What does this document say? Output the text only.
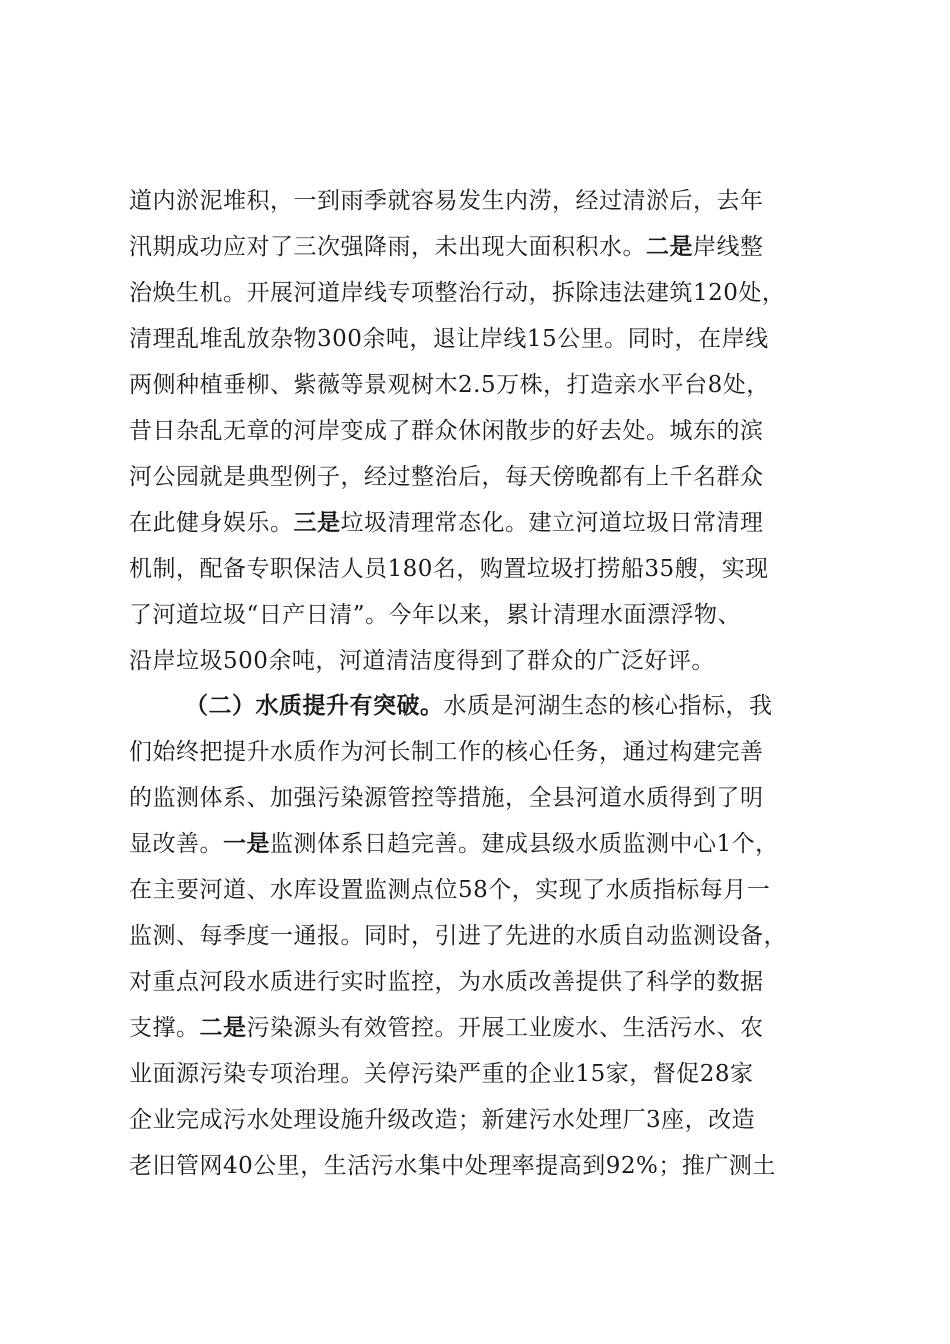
道内淤泥堆积，一到雨季就容易发生内涝，经过清淤后，去年
汛期成功应对了三次强降雨，未出现大面积积水。二是岸线整
治焕生机。开展河道岸线专项整治行动，拆除违法建筑120处，
清理乱堆乱放杂物300余吨，退让岸线15公里。同时，在岸线
两侧种植垂柳、紫薇等景观树木2.5万株，打造亲水平台8处，
昔日杂乱无章的河岸变成了群众休闲散步的好去处。城东的滨
河公园就是典型例子，经过整治后，每天傍晚都有上千名群众
在此健身娱乐。三是垃圾清理常态化。建立河道垃圾日常清理
机制，配备专职保洁人员180名，购置垃圾打捞船35艘，实现
了河道垃圾“日产日清”。今年以来，累计清理水面漂浮物、
沿岸垃圾500余吨，河道清洁度得到了群众的广泛好评。
（二）水质提升有突破。水质是河湖生态的核心指标，我
们始终把提升水质作为河长制工作的核心任务，通过构建完善
的监测体系、加强污染源管控等措施，全县河道水质得到了明
显改善。一是监测体系日趋完善。建成县级水质监测中心1个，
在主要河道、水库设置监测点位58个，实现了水质指标每月一
监测、每季度一通报。同时，引进了先进的水质自动监测设备，
对重点河段水质进行实时监控，为水质改善提供了科学的数据
支撑。二是污染源头有效管控。开展工业废水、生活污水、农
业面源污染专项治理。关停污染严重的企业15家，督促28家
企业完成污水处理设施升级改造；新建污水处理厂3座，改造
老旧管网40公里，生活污水集中处理率提高到92%；推广测土
